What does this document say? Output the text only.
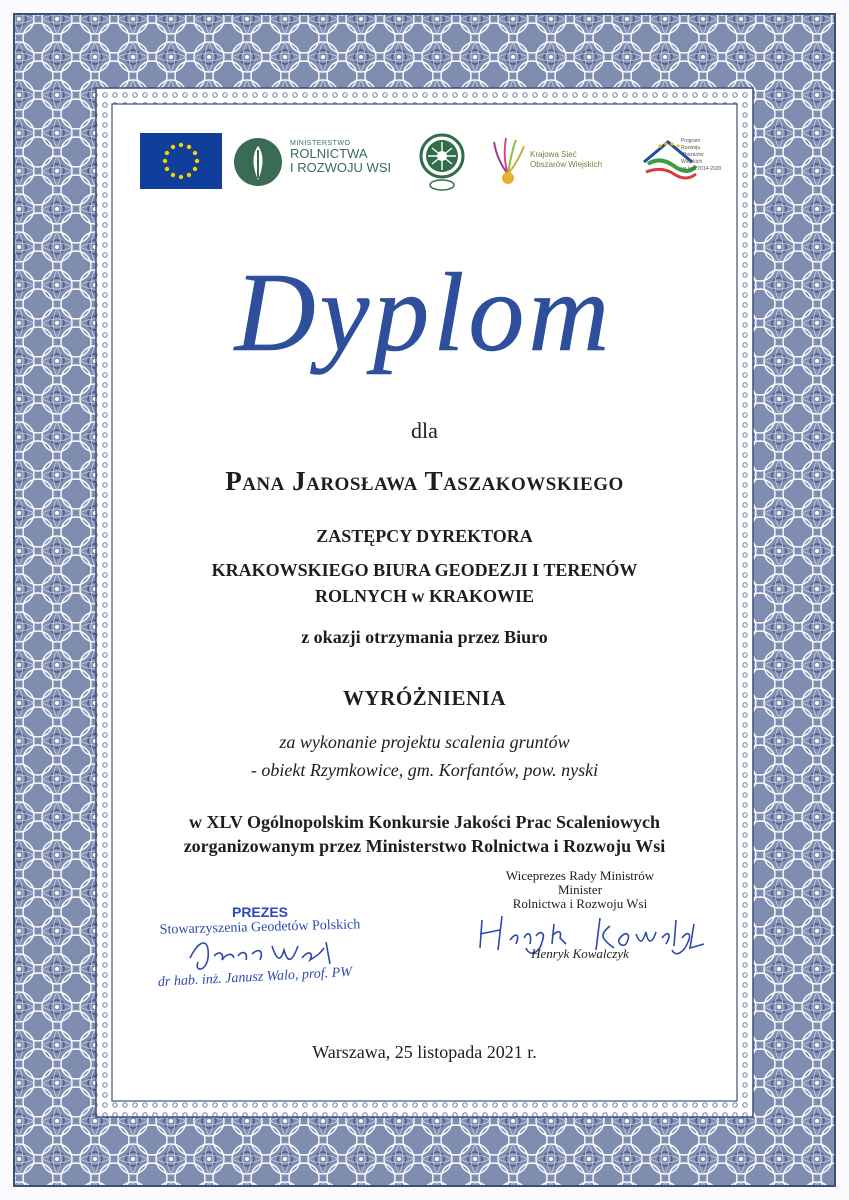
MINISTERSTWO
ROLNICTWA
I ROZWOJU WSI
Krajowa Sieć
Obszarów Wiejskich
Program
Rozwoju
Obszarów
Wiejskich
na lata 2014-2020
Dyplom
dla
Pana Jarosława Taszakowskiego
ZASTĘPCY DYREKTORA
KRAKOWSKIEGO BIURA GEODEZJI I TERENÓW
ROLNYCH w KRAKOWIE
z okazji otrzymania przez Biuro
WYRÓŻNIENIA
za wykonanie projektu scalenia gruntów
- obiekt Rzymkowice, gm. Korfantów, pow. nyski
w XLV Ogólnopolskim Konkursie Jakości Prac Scaleniowych
zorganizowanym przez Ministerstwo Rolnictwa i Rozwoju Wsi
PREZES
Stowarzyszenia Geodetów Polskich
dr hab. inż. Janusz Walo, prof. PW
Wiceprezes Rady Ministrów
Minister
Rolnictwa i Rozwoju Wsi
Henryk Kowalczyk
Warszawa, 25 listopada 2021 r.
